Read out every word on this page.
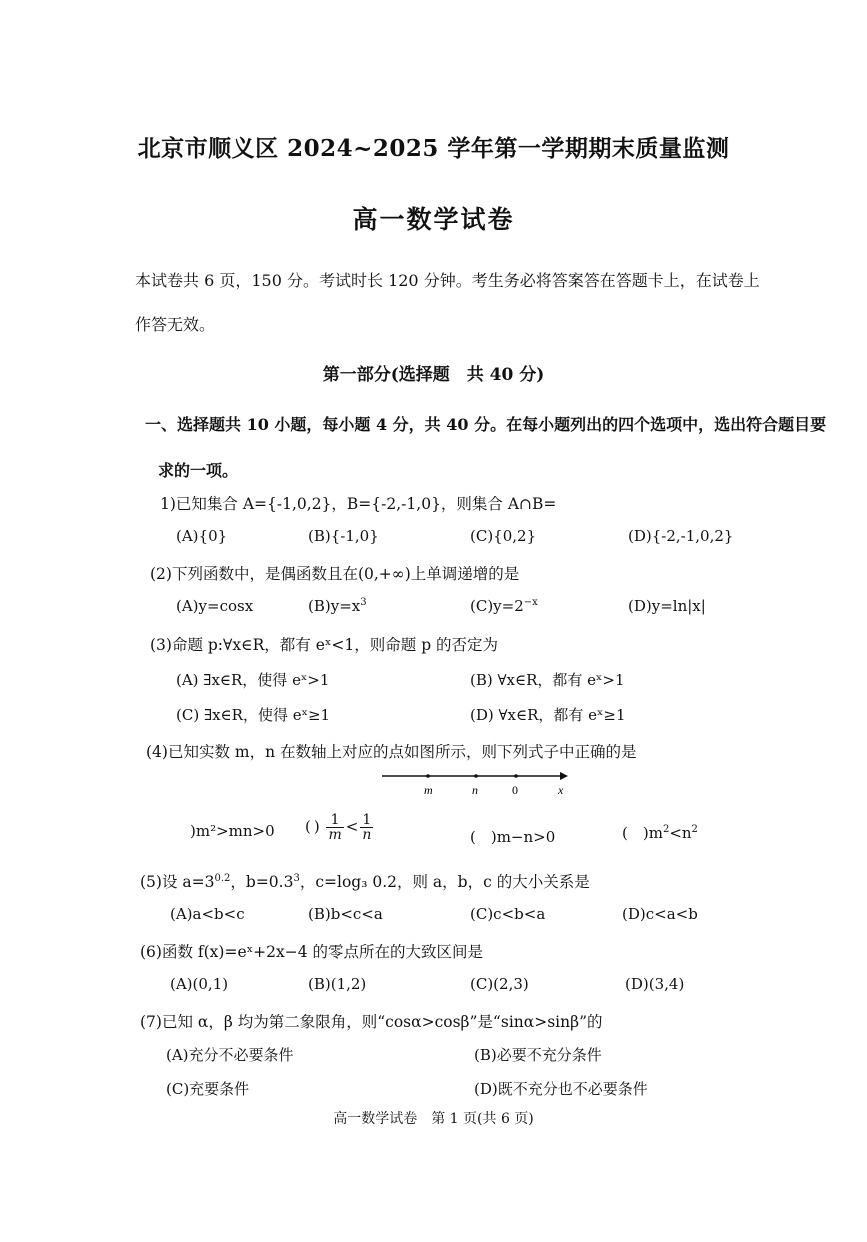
北京市顺义区 2024~2025 学年第一学期期末质量监测
高一数学试卷
本试卷共 6 页，150 分。考试时长 120 分钟。考生务必将答案答在答题卡上，在试卷上
作答无效。
第一部分(选择题　共 40 分)
一、选择题共 10 小题，每小题 4 分，共 40 分。在每小题列出的四个选项中，选出符合题目要
求的一项。
1)已知集合 A={-1,0,2}，B={-2,-1,0}，则集合 A∩B=
(A){0}	(B){-1,0}	(C){0,2}	(D){-2,-1,0,2}
(2)下列函数中，是偶函数且在(0,+∞)上单调递增的是
(A)y=cosx	$(B)y=x^3$	$(C)y=2^{-x}$	(D)y=ln|x|
(3)命题 p:∀x∈R，都有 eˣ<1，则命题 p 的否定为
(A) ∃x∈R，使得 eˣ>1	(B) ∀x∈R，都有 eˣ>1
(C) ∃x∈R，使得 eˣ≥1	(D) ∀x∈R，都有 eˣ≥1
(4)已知实数 m，n 在数轴上对应的点如图所示，则下列式子中正确的是
m	n	0	x
)m²>mn>0 ( ) $\frac{1}{m} < \frac{1}{n}$	(　)m−n>0	(　)$m^2<n^2$
(5)设 $a=3^{0.2}$，$b=0.3^3$，c=log₃ 0.2，则 a，b，c 的大小关系是
(A)a<b<c	(B)b<c<a	(C)c<b<a	(D)c<a<b
(6)函数 f(x)=eˣ+2x−4 的零点所在的大致区间是
(A)(0,1)	(B)(1,2)	(C)(2,3)	(D)(3,4)
(7)已知 α，β 均为第二象限角，则“cosα>cosβ”是“sinα>sinβ”的
(A)充分不必要条件	(B)必要不充分条件
(C)充要条件	(D)既不充分也不必要条件
高一数学试卷　第 1 页(共 6 页)
